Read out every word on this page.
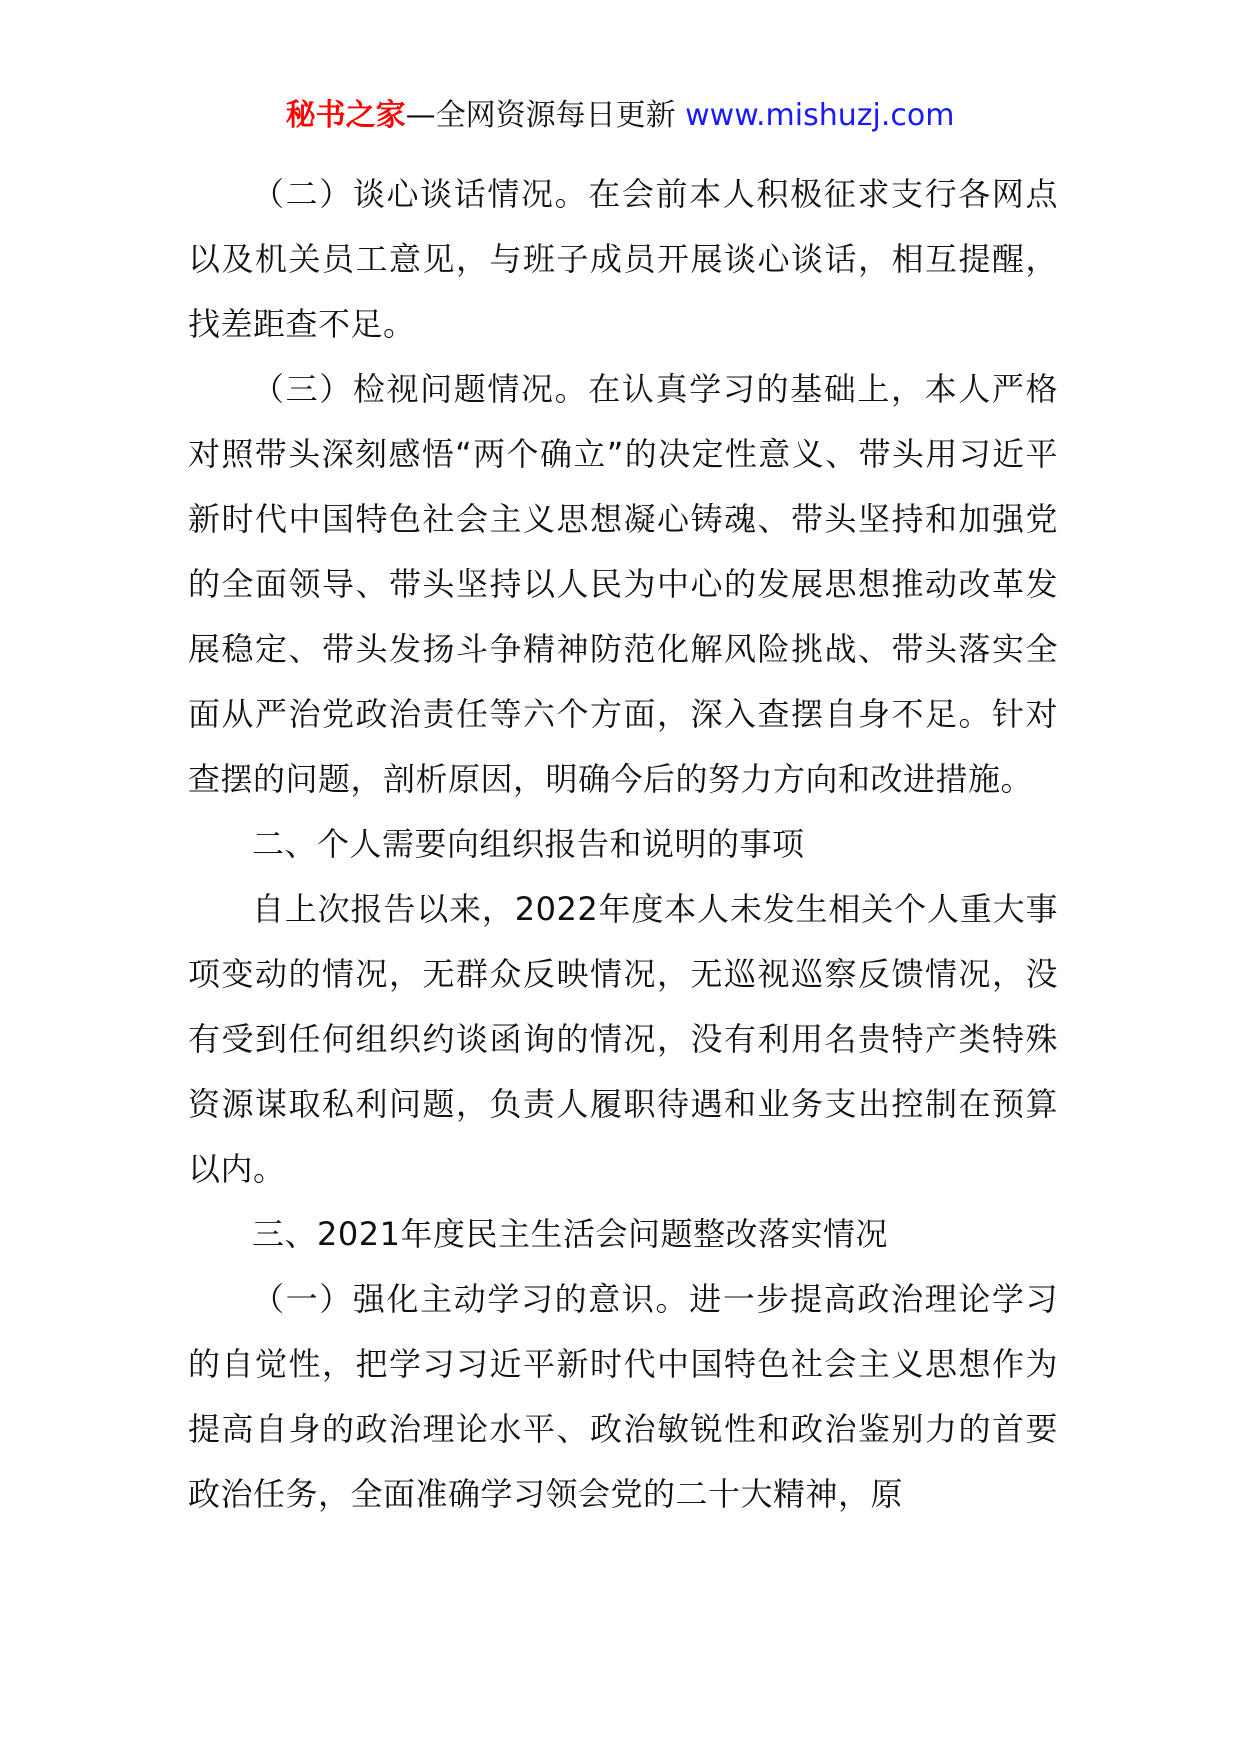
秘书之家—全网资源每日更新 www.mishuzj.com

（二）谈心谈话情况。在会前本人积极征求支行各网点以及机关员工意见，与班子成员开展谈心谈话，相互提醒，找差距查不足。

（三）检视问题情况。在认真学习的基础上，本人严格对照带头深刻感悟“两个确立”的决定性意义、带头用习近平新时代中国特色社会主义思想凝心铸魂、带头坚持和加强党的全面领导、带头坚持以人民为中心的发展思想推动改革发展稳定、带头发扬斗争精神防范化解风险挑战、带头落实全面从严治党政治责任等六个方面，深入查摆自身不足。针对查摆的问题，剖析原因，明确今后的努力方向和改进措施。

二、个人需要向组织报告和说明的事项

自上次报告以来，2022年度本人未发生相关个人重大事项变动的情况，无群众反映情况，无巡视巡察反馈情况，没有受到任何组织约谈函询的情况，没有利用名贵特产类特殊资源谋取私利问题，负责人履职待遇和业务支出控制在预算以内。

三、2021年度民主生活会问题整改落实情况

（一）强化主动学习的意识。进一步提高政治理论学习的自觉性，把学习习近平新时代中国特色社会主义思想作为提高自身的政治理论水平、政治敏锐性和政治鉴别力的首要政治任务，全面准确学习领会党的二十大精神，原
